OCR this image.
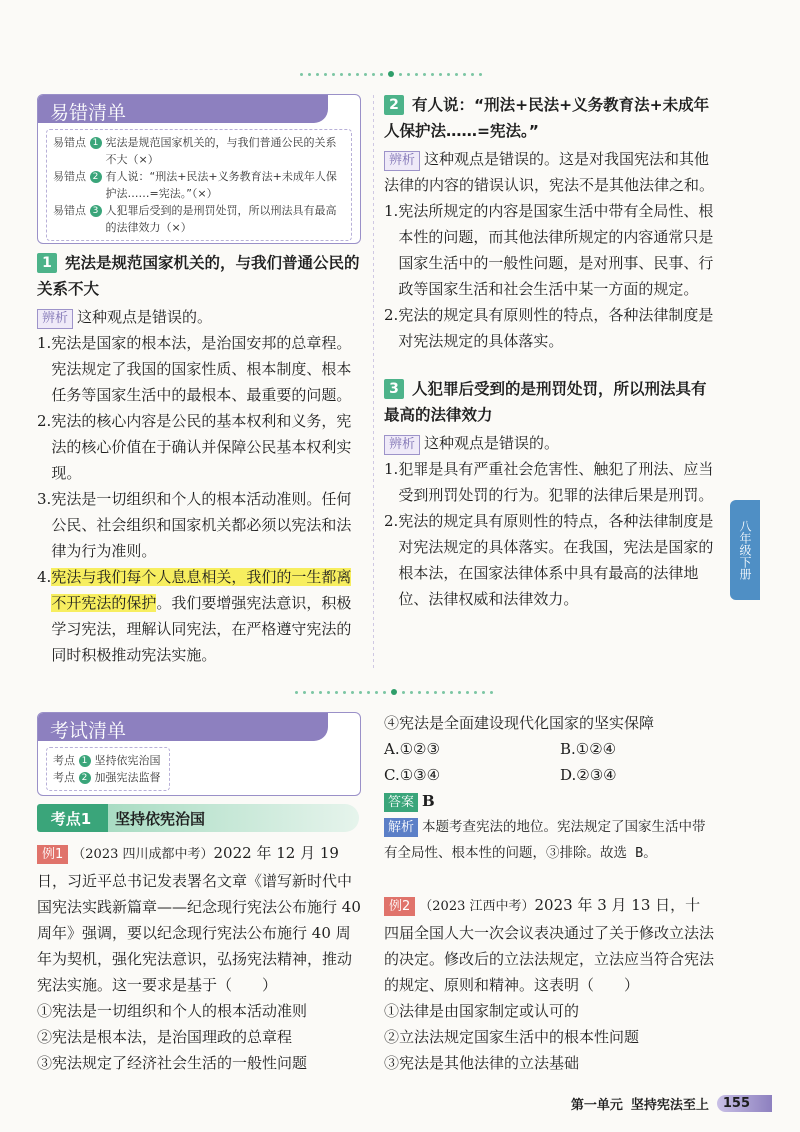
易错清单
易错点 1 宪法是规范国家机关的，与我们普通公民的关系不大（×）
易错点 2 有人说：“刑法+民法+义务教育法+未成年人保护法……=宪法。”（×）
易错点 3 人犯罪后受到的是刑罚处罚，所以刑法具有最高的法律效力（×）
1 宪法是规范国家机关的，与我们普通公民的关系不大
辨析 这种观点是错误的。
1. 宪法是国家的根本法，是治国安邦的总章程。宪法规定了我国的国家性质、根本制度、根本任务等国家生活中的最根本、最重要的问题。
2. 宪法的核心内容是公民的基本权利和义务，宪法的核心价值在于确认并保障公民基本权利实现。
3. 宪法是一切组织和个人的根本活动准则。任何公民、社会组织和国家机关都必须以宪法和法律为行为准则。
4. 宪法与我们每个人息息相关，我们的一生都离不开宪法的保护。我们要增强宪法意识，积极学习宪法，理解认同宪法，在严格遵守宪法的同时积极推动宪法实施。
2 有人说：“刑法+民法+义务教育法+未成年人保护法……=宪法。”
辨析 这种观点是错误的。这是对我国宪法和其他法律的内容的错误认识，宪法不是其他法律之和。
1. 宪法所规定的内容是国家生活中带有全局性、根本性的问题，而其他法律所规定的内容通常只是国家生活中的一般性问题，是对刑事、民事、行政等国家生活和社会生活中某一方面的规定。
2. 宪法的规定具有原则性的特点，各种法律制度是对宪法规定的具体落实。
3 人犯罪后受到的是刑罚处罚，所以刑法具有最高的法律效力
辨析 这种观点是错误的。
1. 犯罪是具有严重社会危害性、触犯了刑法、应当受到刑罚处罚的行为。犯罪的法律后果是刑罚。
2. 宪法的规定具有原则性的特点，各种法律制度是对宪法规定的具体落实。在我国，宪法是国家的根本法，在国家法律体系中具有最高的法律地位、法律权威和法律效力。
八年级下册
考试清单
考点 1 坚持依宪治国
考点 2 加强宪法监督
考点1	坚持依宪治国
例1 （2023 四川成都中考）2022 年 12 月 19 日，习近平总书记发表署名文章《谱写新时代中国宪法实践新篇章——纪念现行宪法公布施行 40 周年》强调，要以纪念现行宪法公布施行 40 周年为契机，强化宪法意识，弘扬宪法精神，推动宪法实施。这一要求是基于（　　）
①宪法是一切组织和个人的根本活动准则
②宪法是根本法，是治国理政的总章程
③宪法规定了经济社会生活的一般性问题
④宪法是全面建设现代化国家的坚实保障
A.①②③	B.①②④
C.①③④	D.②③④
答案 B
解析 本题考查宪法的地位。宪法规定了国家生活中带有全局性、根本性的问题，③排除。故选 B。
例2 （2023 江西中考）2023 年 3 月 13 日，十四届全国人大一次会议表决通过了关于修改立法法的决定。修改后的立法法规定，立法应当符合宪法的规定、原则和精神。这表明（　　）
①法律是由国家制定或认可的
②立法法规定国家生活中的根本性问题
③宪法是其他法律的立法基础
第一单元 坚持宪法至上	155
